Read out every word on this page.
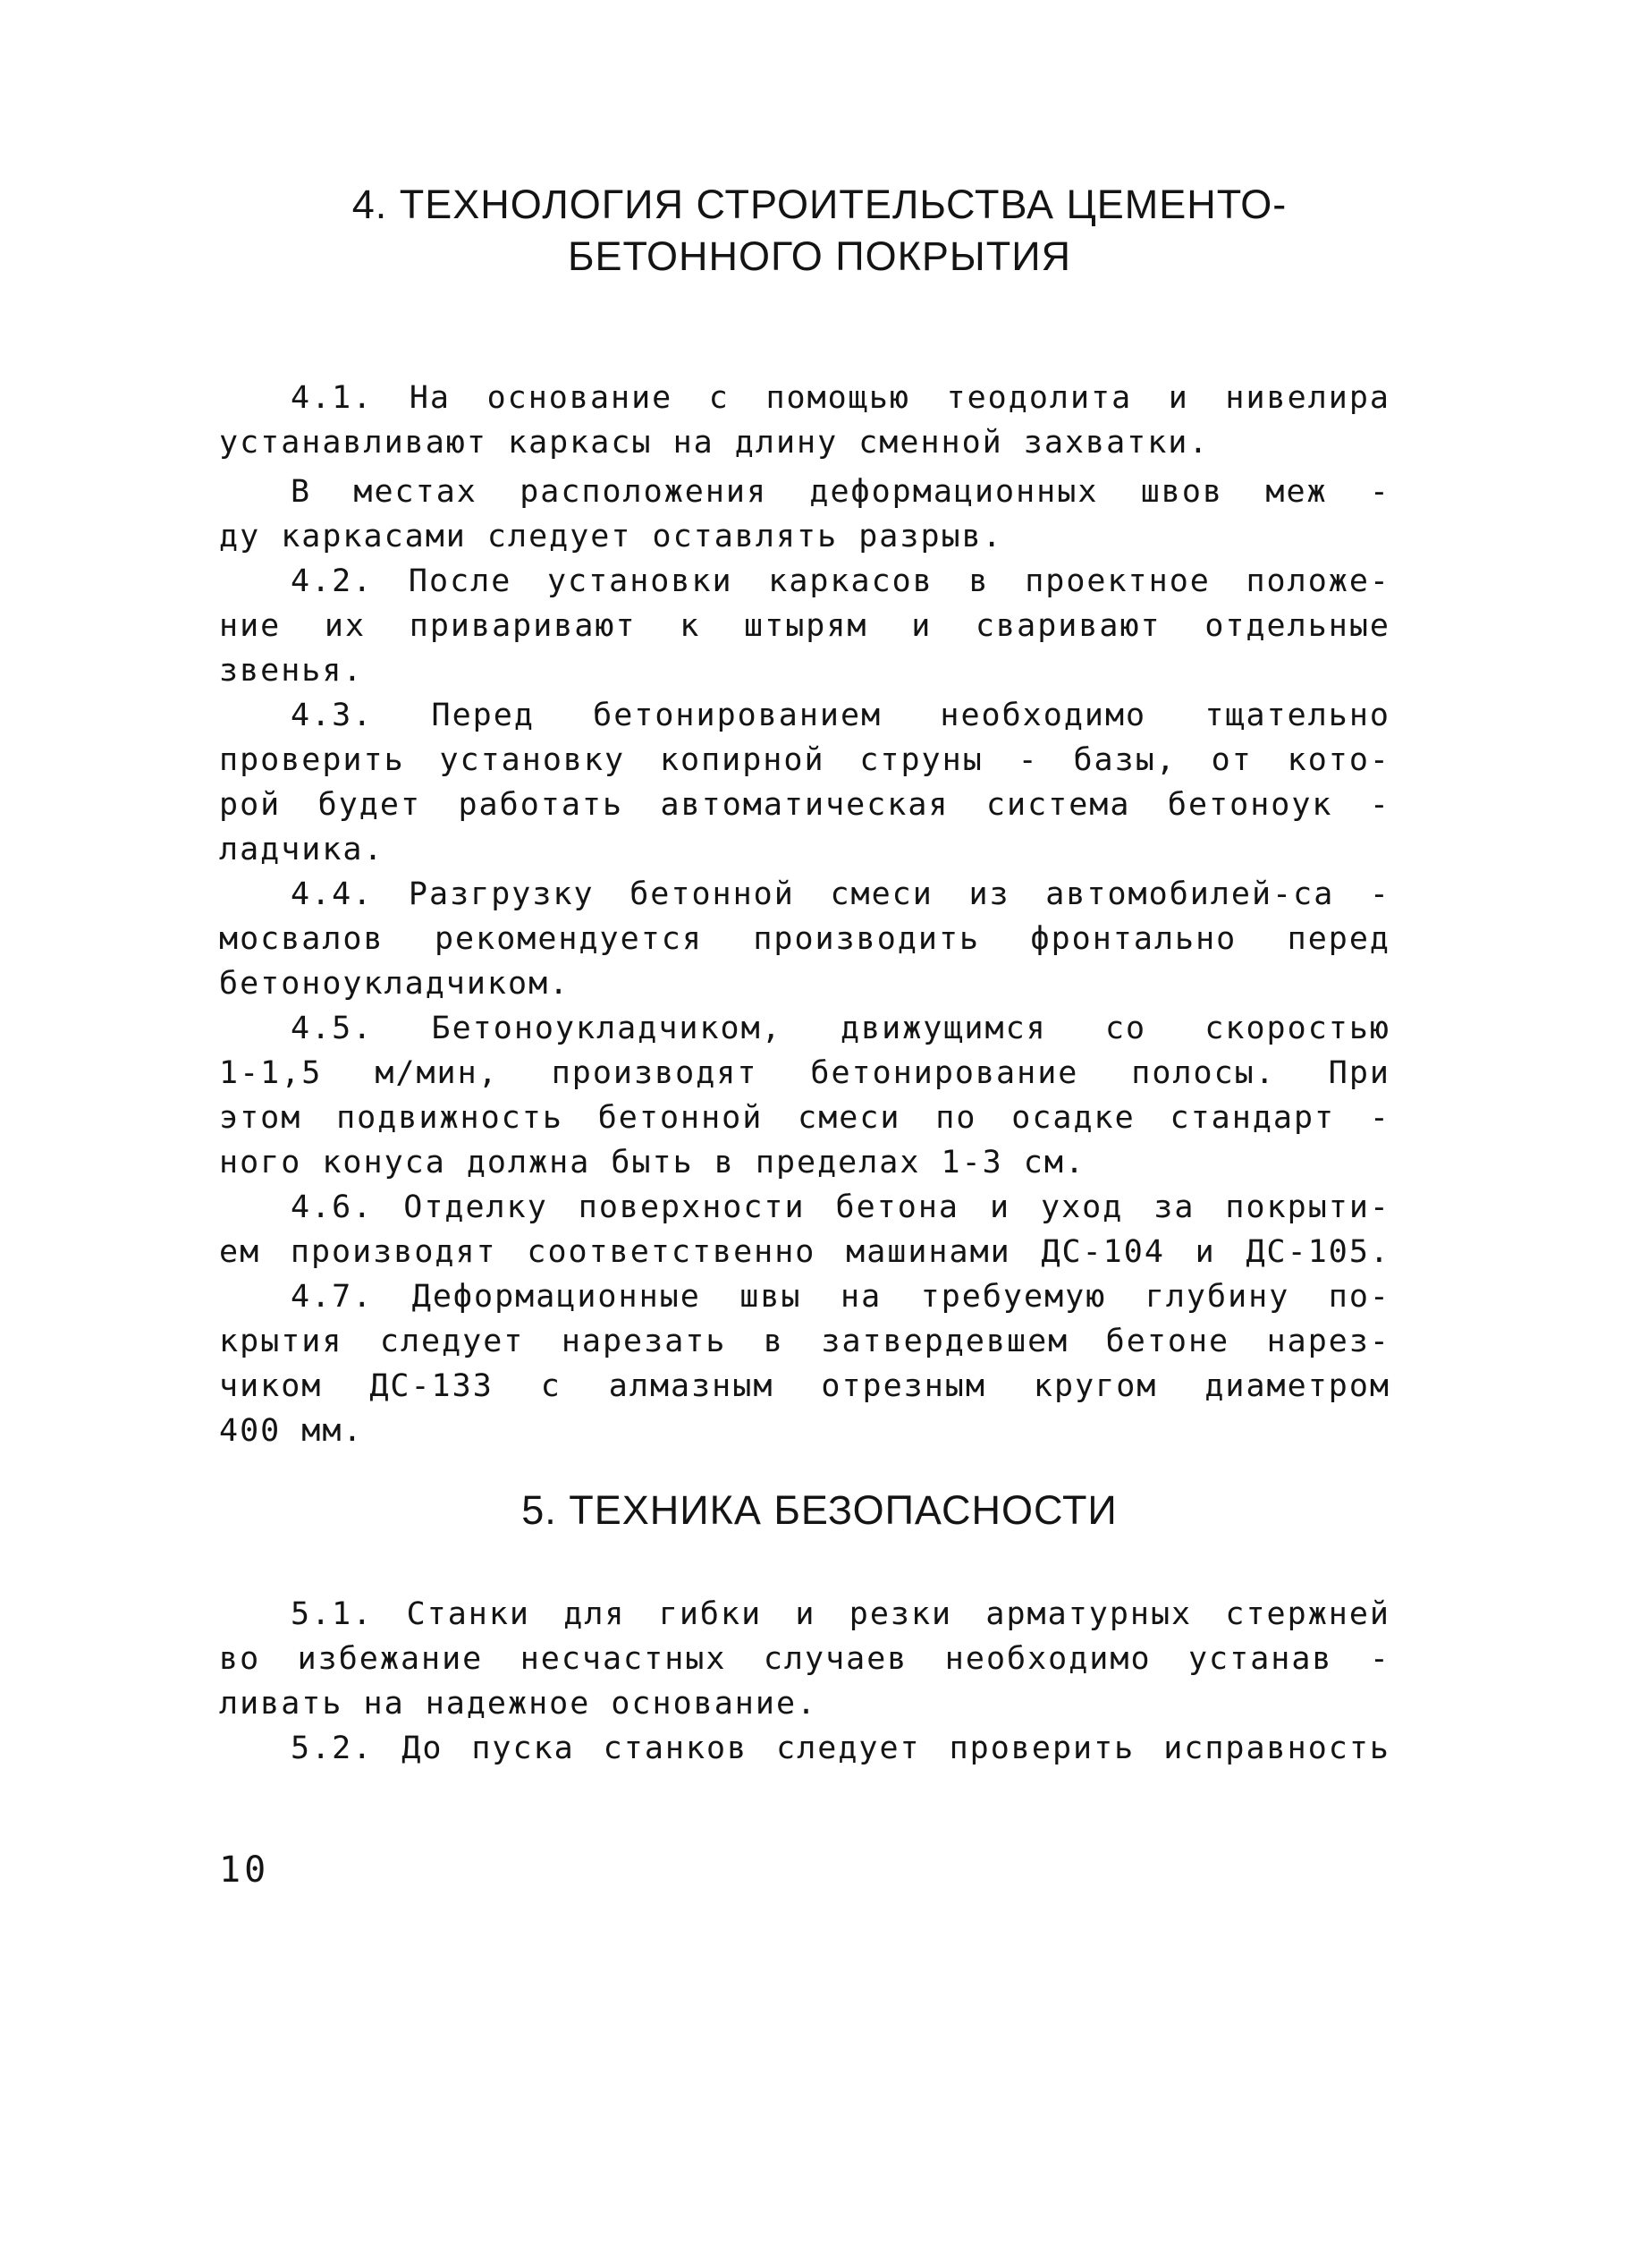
4. ТЕХНОЛОГИЯ СТРОИТЕЛЬСТВА ЦЕМЕНТО-
БЕТОННОГО ПОКРЫТИЯ

4.1. На основание с помощью теодолита и нивелира
устанавливают каркасы на длину сменной захватки.

В местах расположения деформационных швов меж -
ду каркасами следует оставлять разрыв.

4.2. После установки каркасов в проектное положе-
ние их приваривают к штырям и сваривают отдельные
звенья.

4.3. Перед бетонированием необходимо тщательно
проверить установку копирной струны - базы, от кото-
рой будет работать автоматическая система бетоноук -
ладчика.

4.4. Разгрузку бетонной смеси из автомобилей-са -
мосвалов рекомендуется производить фронтально перед
бетоноукладчиком.

4.5. Бетоноукладчиком, движущимся со скоростью
1-1,5 м/мин, производят бетонирование полосы. При
этом подвижность бетонной смеси по осадке стандарт -
ного конуса должна быть в пределах 1-3 см.

4.6. Отделку поверхности бетона и уход за покрыти-
ем производят соответственно машинами ДС-104 и ДС-105.

4.7. Деформационные швы на требуемую глубину по-
крытия следует нарезать в затвердевшем бетоне нарез-
чиком ДС-133 с алмазным отрезным кругом диаметром
400 мм.

5. ТЕХНИКА БЕЗОПАСНОСТИ

5.1. Станки для гибки и резки арматурных стержней
во избежание несчастных случаев необходимо устанав -
ливать на надежное основание.

5.2. До пуска станков следует проверить исправность

10
